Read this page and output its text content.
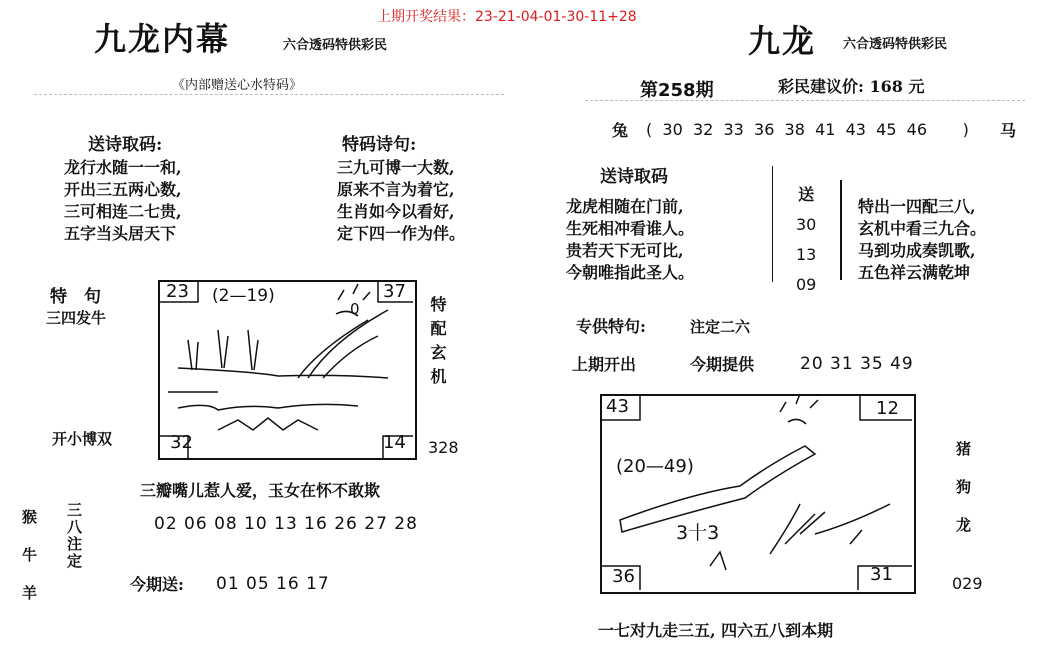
上期开奖结果：23-21-04-01-30-11+28
九龙内幕	六合透码特供彩民
《内部赠送心水特码》
送诗取码:
龙行水随一一和,
开出三五两心数,
三可相连二七贵,
五字当头居天下
特码诗句:
三九可博一大数,
原来不言为着它,
生肖如今以看好,
定下四一作为伴。
特　句
三四发牛
开小博双
23
32
37
14
(2—19)
0	特配玄机
328
三瓣嘴儿惹人爱，玉女在怀不敢欺
猴
牛
羊
三八注定	02 06 08 10 13 16 26 27 28
今期送: 01 05 16 17
九龙 六合透码特供彩民
第258期	彩民建议价: 168 元
兔 (  30  32  33  36  38  41  43  45  46       ) 马
送诗取码
龙虎相随在门前,
生死相冲看谁人。
贵若天下无可比,
今朝唯指此圣人。
送
30
13
09
特出一四配三八,
玄机中看三九合。
马到功成奏凯歌,
五色祥云满乾坤
专供特句:	注定二六
上期开出	今期提供	20 31 35 49
43	12
36	31
(20—49)
3十3
猪
狗
龙
029
一七对九走三五, 四六五八到本期
